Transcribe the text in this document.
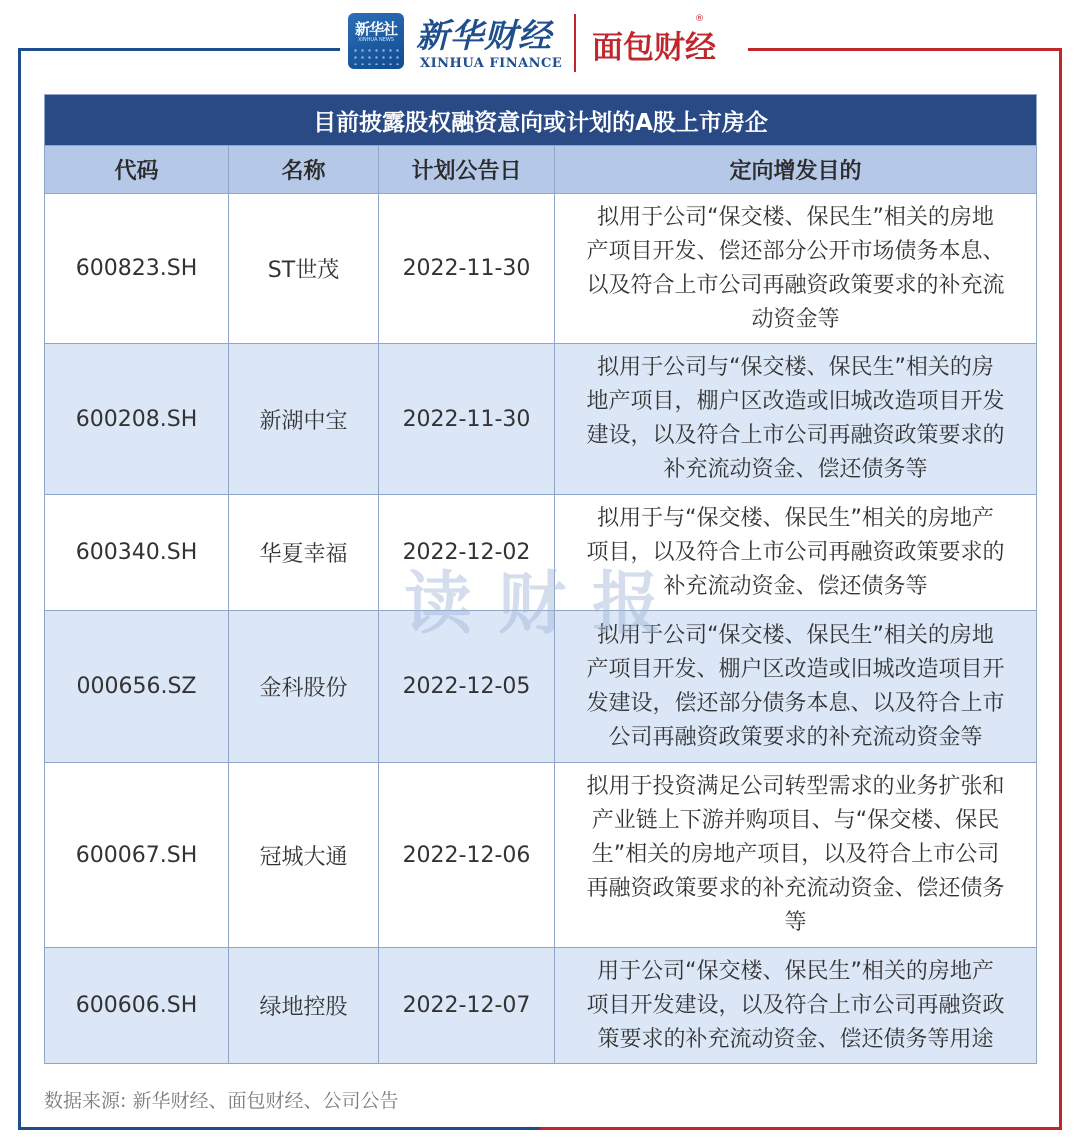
新华社
XINHUA NEWS 新华财经
XINHUA FINANCE 面包财经
®
目前披露股权融资意向或计划的A股上市房企			
代码	名称	计划公告日	定向增发目的
600823.SH	ST世茂	2022-11-30	拟用于公司“保交楼、保民生”相关的房地
产项目开发、偿还部分公开市场债务本息、
以及符合上市公司再融资政策要求的补充流
动资金等

600208.SH	新湖中宝	2022-11-30	拟用于公司与“保交楼、保民生”相关的房
地产项目，棚户区改造或旧城改造项目开发
建设，以及符合上市公司再融资政策要求的
补充流动资金、偿还债务等

600340.SH	华夏幸福	2022-12-02	拟用于与“保交楼、保民生”相关的房地产
项目，以及符合上市公司再融资政策要求的
补充流动资金、偿还债务等

000656.SZ	金科股份	2022-12-05	拟用于公司“保交楼、保民生”相关的房地
产项目开发、棚户区改造或旧城改造项目开
发建设，偿还部分债务本息、以及符合上市
公司再融资政策要求的补充流动资金等

600067.SH	冠城大通	2022-12-06	拟用于投资满足公司转型需求的业务扩张和
产业链上下游并购项目、与“保交楼、保民
生”相关的房地产项目，以及符合上市公司
再融资政策要求的补充流动资金、偿还债务
等

600606.SH	绿地控股	2022-12-07	用于公司“保交楼、保民生”相关的房地产
项目开发建设，以及符合上市公司再融资政
策要求的补充流动资金、偿还债务等用途
读财报
数据来源: 新华财经、面包财经、公司公告
